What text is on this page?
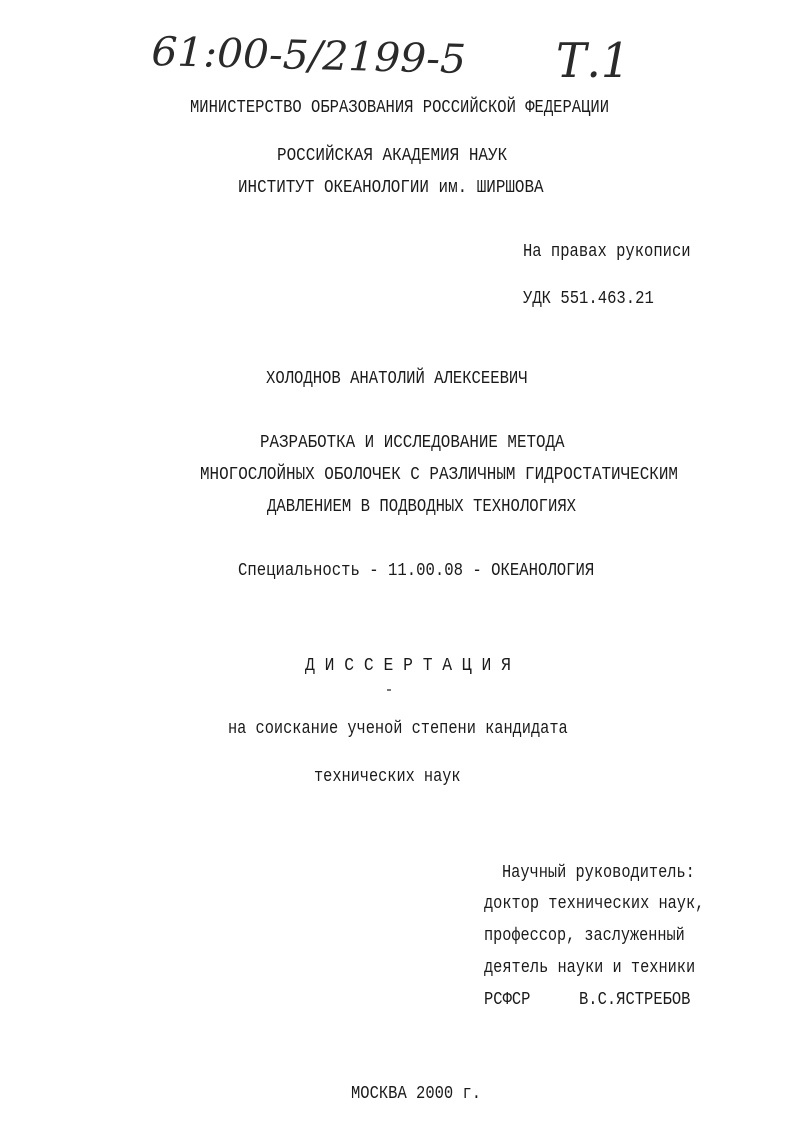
61:00-5/2199-5 Т.1
МИНИСТЕРСТВО ОБРАЗОВАНИЯ РОССИЙСКОЙ ФЕДЕРАЦИИ
РОССИЙСКАЯ АКАДЕМИЯ НАУК
ИНСТИТУТ ОКЕАНОЛОГИИ им. ШИРШОВА
На правах рукописи
УДК 551.463.21
ХОЛОДНОВ АНАТОЛИЙ АЛЕКСЕЕВИЧ
РАЗРАБОТКА И ИССЛЕДОВАНИЕ МЕТОДА
МНОГОСЛОЙНЫХ ОБОЛОЧЕК С РАЗЛИЧНЫМ ГИДРОСТАТИЧЕСКИМ
ДАВЛЕНИЕМ В ПОДВОДНЫХ ТЕХНОЛОГИЯХ
Специальность - 11.00.08 - ОКЕАНОЛОГИЯ
Д И С С Е Р Т А Ц И Я
на соискание ученой степени кандидата
технических наук
Научный руководитель:
доктор технических наук,
профессор, заслуженный
деятель науки и техники
РСФСР	В.С.ЯСТРЕБОВ
МОСКВА 2000 г.
